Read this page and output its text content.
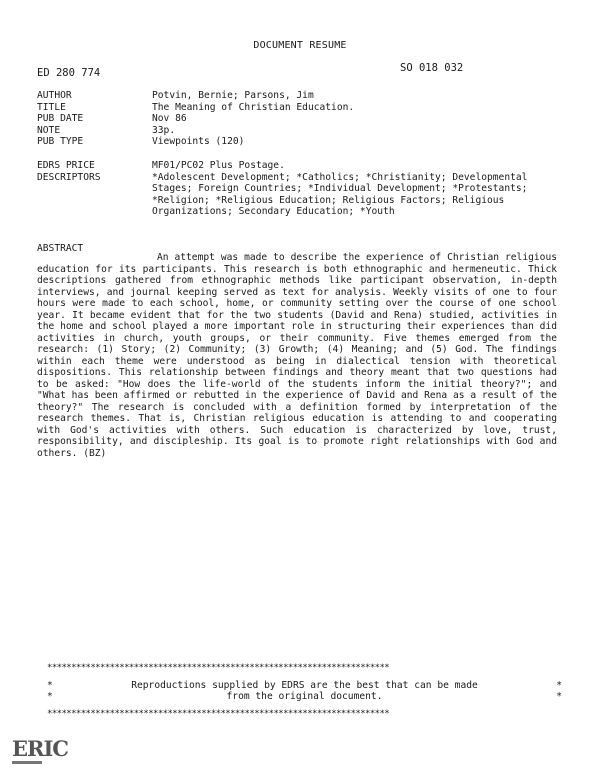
DOCUMENT RESUME
ED 280 774	SO 018 032
AUTHOR	Potvin, Bernie; Parsons, Jim
TITLE	The Meaning of Christian Education.
PUB DATE	Nov 86
NOTE	33p.
PUB TYPE	Viewpoints (120)
EDRS PRICE	MF01/PC02 Plus Postage.
DESCRIPTORS	*Adolescent Development; *Catholics; *Christianity; Developmental Stages; Foreign Countries; *Individual Development; *Protestants; *Religion; *Religious Education; Religious Factors; Religious Organizations; Secondary Education; *Youth
ABSTRACT
An attempt was made to describe the experience of Christian religious education for its participants. This research is both ethnographic and hermeneutic. Thick descriptions gathered from ethnographic methods like participant observation, in-depth interviews, and journal keeping served as text for analysis. Weekly visits of one to four hours were made to each school, home, or community setting over the course of one school year. It became evident that for the two students (David and Rena) studied, activities in the home and school played a more important role in structuring their experiences than did activities in church, youth groups, or their community. Five themes emerged from the research: (1) Story; (2) Community; (3) Growth; (4) Meaning; and (5) God. The findings within each theme were understood as being in dialectical tension with theoretical dispositions. This relationship between findings and theory meant that two questions had to be asked: "How does the life-world of the students inform the initial theory?"; and "What has been affirmed or rebutted in the experience of David and Rena as a result of the theory?" The research is concluded with a definition formed by interpretation of the research themes. That is, Christian religious education is attending to and cooperating with God's activities with others. Such education is characterized by love, trust, responsibility, and discipleship. Its goal is to promote right relationships with God and others. (BZ)
***********************************************************************
*	Reproductions supplied by EDRS are the best that can be made	*
*	from the original document.	*
***********************************************************************
ERIC
